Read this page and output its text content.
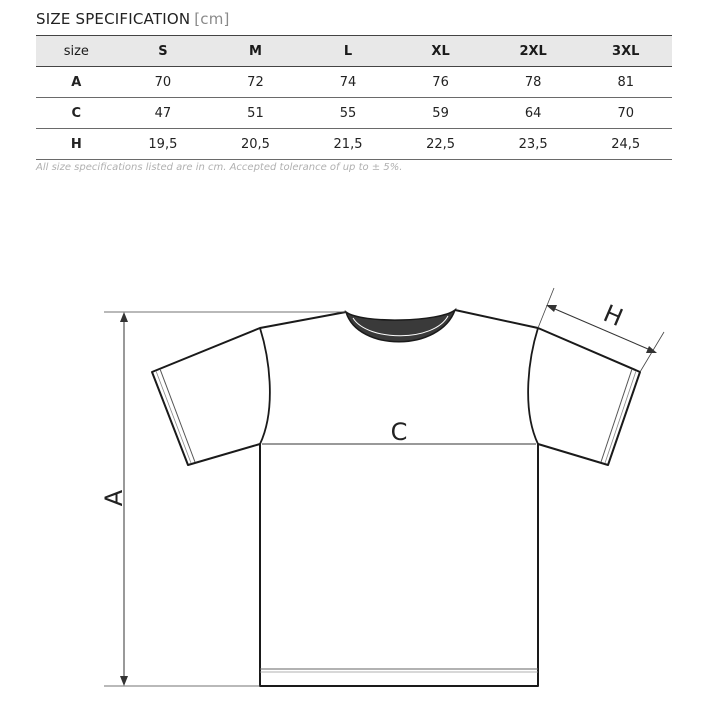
SIZE SPECIFICATION [cm]
size	S	M	L	XL	2XL	3XL
A	70	72	74	76	78	81
C	47	51	55	59	64	70
H	19,5	20,5	21,5	22,5	23,5	24,5
All size specifications listed are in cm. Accepted tolerance of up to ± 5%.
C
A
H
